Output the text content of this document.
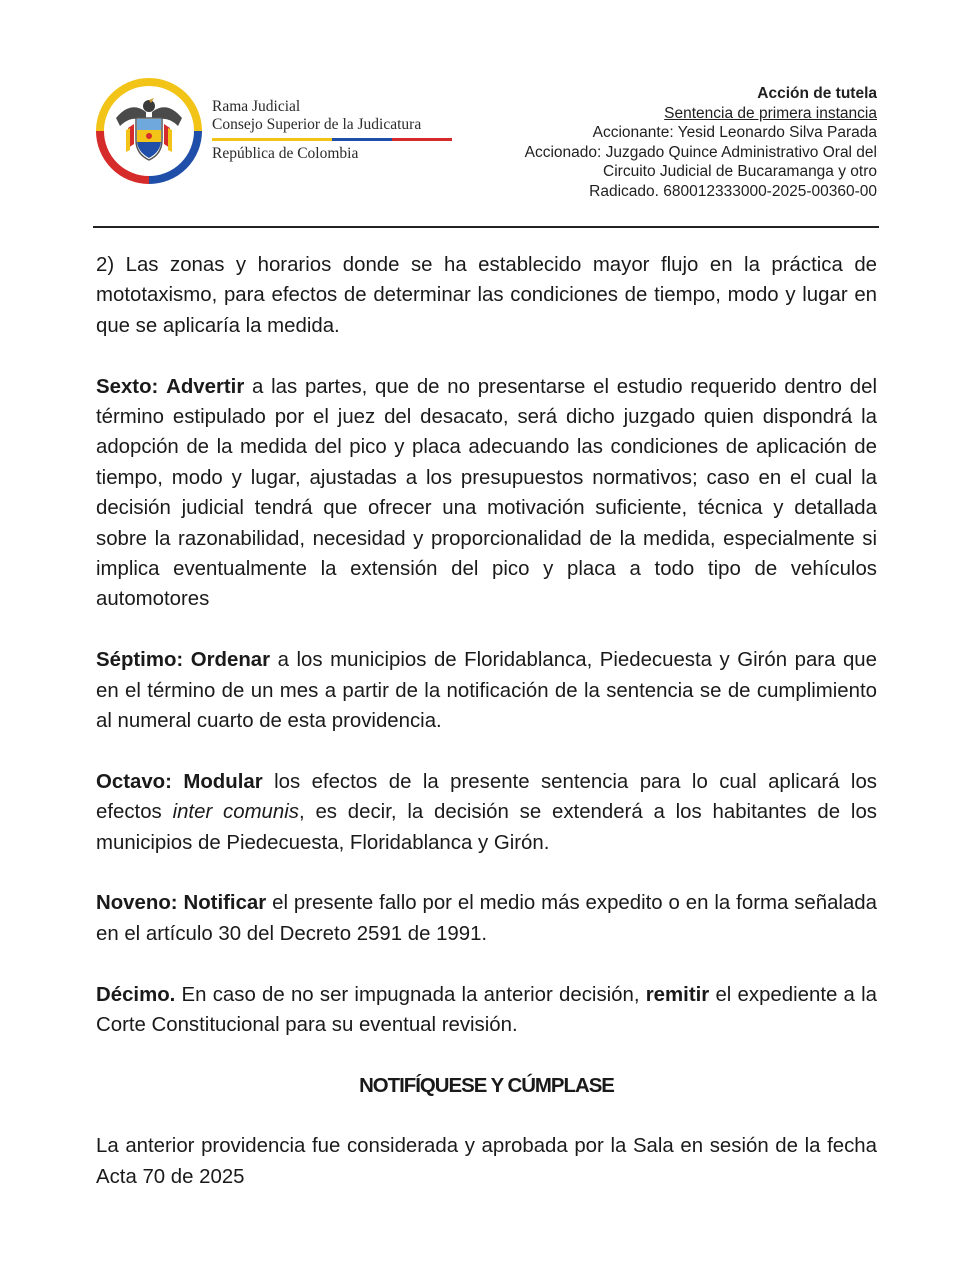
Rama Judicial
Consejo Superior de la Judicatura
República de Colombia
Acción de tutela
Sentencia de primera instancia
Accionante: Yesid Leonardo Silva Parada
Accionado: Juzgado Quince Administrativo Oral del
Circuito Judicial de Bucaramanga y otro
Radicado. 680012333000-2025-00360-00

2) Las zonas y horarios donde se ha establecido mayor flujo en la práctica de mototaxismo, para efectos de determinar las condiciones de tiempo, modo y lugar en que se aplicaría la medida.

Sexto: Advertir a las partes, que de no presentarse el estudio requerido dentro del término estipulado por el juez del desacato, será dicho juzgado quien dispondrá la adopción de la medida del pico y placa adecuando las condiciones de aplicación de tiempo, modo y lugar, ajustadas a los presupuestos normativos; caso en el cual la decisión judicial tendrá que ofrecer una motivación suficiente, técnica y detallada sobre la razonabilidad, necesidad y proporcionalidad de la medida, especialmente si implica eventualmente la extensión del pico y placa a todo tipo de vehículos automotores

Séptimo: Ordenar a los municipios de Floridablanca, Piedecuesta y Girón para que en el término de un mes a partir de la notificación de la sentencia se de cumplimiento al numeral cuarto de esta providencia.

Octavo: Modular los efectos de la presente sentencia para lo cual aplicará los efectos inter comunis, es decir, la decisión se extenderá a los habitantes de los municipios de Piedecuesta, Floridablanca y Girón.

Noveno: Notificar el presente fallo por el medio más expedito o en la forma señalada en el artículo 30 del Decreto 2591 de 1991.

Décimo. En caso de no ser impugnada la anterior decisión, remitir el expediente a la Corte Constitucional para su eventual revisión.

NOTIFÍQUESE Y CÚMPLASE

La anterior providencia fue considerada y aprobada por la Sala en sesión de la fecha Acta 70 de 2025
